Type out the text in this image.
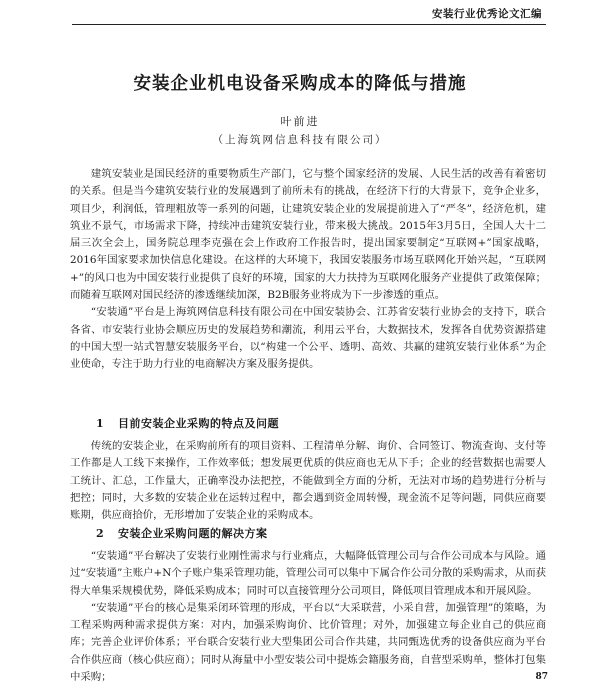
安装行业优秀论文汇编
安装企业机电设备采购成本的降低与措施
叶前进
（上海筑网信息科技有限公司）

建筑安装业是国民经济的重要物质生产部门，它与整个国家经济的发展、人民生活的改善有着密切的关系。但是当今建筑安装行业的发展遇到了前所未有的挑战，在经济下行的大背景下，竞争企业多，项目少，利润低，管理粗放等一系列的问题，让建筑安装企业的发展提前进入了“严冬”，经济危机，建筑业不景气，市场需求下降，持续冲击建筑安装行业，带来极大挑战。2015年3月5日，全国人大十二届三次全会上，国务院总理李克强在会上作政府工作报告时，提出国家要制定“互联网+”国家战略，2016年国家要求加快信息化建设。在这样的大环境下，我国安装服务市场互联网化开始兴起，“互联网+”的风口也为中国安装行业提供了良好的环境，国家的大力扶持为互联网化服务产业提供了政策保障；而随着互联网对国民经济的渗透继续加深，B2B服务业将成为下一步渗透的重点。

“安装通”平台是上海筑网信息科技有限公司在中国安装协会、江苏省安装行业协会的支持下，联合各省、市安装行业协会顺应历史的发展趋势和潮流，利用云平台，大数据技术，发挥各自优势资源搭建的中国大型一站式智慧安装服务平台，以“构建一个公平、透明、高效、共赢的建筑安装行业体系”为企业使命，专注于助力行业的电商解决方案及服务提供。

1 目前安装企业采购的特点及问题

传统的安装企业，在采购前所有的项目资料、工程清单分解、询价、合同签订、物流查询、支付等工作都是人工线下来操作，工作效率低；想发展更优质的供应商也无从下手；企业的经营数据也需要人工统计、汇总，工作量大，正确率没办法把控，不能做到全方面的分析，无法对市场的趋势进行分析与把控；同时，大多数的安装企业在运转过程中，都会遇到资金周转慢，现金流不足等问题，同供应商要账期，供应商拾价，无形增加了安装企业的采购成本。

2 安装企业采购问题的解决方案

“安装通”平台解决了安装行业刚性需求与行业痛点，大幅降低管理公司与合作公司成本与风险。通过“安装通”主账户+N个子账户集采管理功能，管理公司可以集中下属合作公司分散的采购需求，从而获得大单集采规模优势，降低采购成本；同时可以直接管理分公司项目，降低项目管理成本和开展风险。

“安装通”平台的核心是集采闭环管理的形成，平台以“大采联营，小采自营，加强管理”的策略，为工程采购两种需求提供方案：对内，加强采购询价、比价管理；对外，加强建立每企业自己的供应商库；完善企业评价体系；平台联合安装行业大型集团公司合作共建，共同甄选优秀的设备供应商为平台合作供应商（核心供应商）；同时从海量中小型安装公司中提炼会籍服务商，自营型采购单，整体打包集中采购；	87
